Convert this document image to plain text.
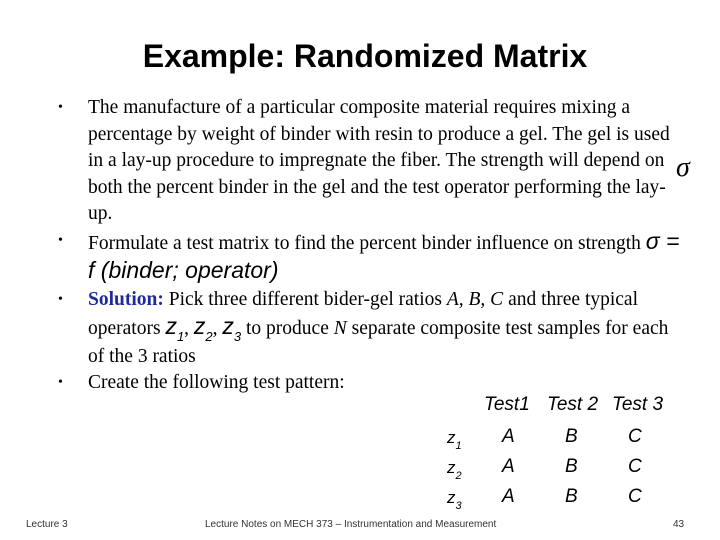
Example: Randomized Matrix
• The manufacture of a particular composite material requires mixing a percentage by weight of binder with resin to produce a gel. The gel is used in a lay-up procedure to impregnate the fiber. The strength will depend on both the percent binder in the gel and the test operator performing the lay-up.
• Formulate a test matrix to find the percent binder influence on strength σ = f (binder; operator)
• Solution: Pick three different bider-gel ratios A, B, C and three typical operators $z_1$, $z_2$, $z_3$ to produce N separate composite test samples for each of the 3 ratios
• Create the following test pattern:
σ
Test1 Test 2 Test 3
$z_1$ A	B	C
$z_2$ A	B	C
$z_3$ A	B	C
Lecture 3	Lecture Notes on MECH 373 – Instrumentation and Measurement	43
